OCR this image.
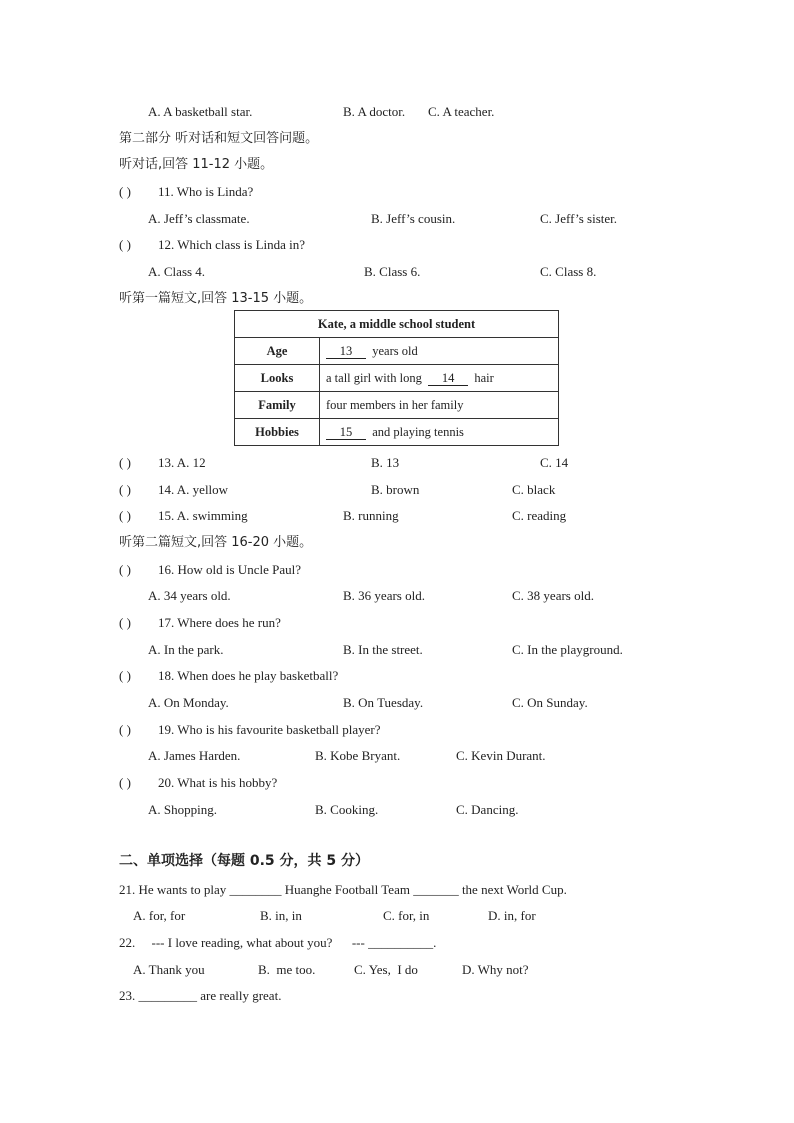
A. A basketball star.	B. A doctor. C. A teacher.
第二部分 听对话和短文回答问题。
听对话,回答 11-12 小题。
( ) 11. Who is Linda?
A. Jeff’s classmate.	B. Jeff’s cousin.	C. Jeff’s sister.
( ) 12. Which class is Linda in?
A. Class 4.	B. Class 6.	C. Class 8.
听第一篇短文,回答 13-15 小题。
Kate, a middle school student	
Age	13 years old
Looks	a tall girl with long 14 hair
Family	four members in her family
Hobbies	15 and playing tennis
( ) 13. A. 12	B. 13	C. 14
( ) 14. A. yellow	B. brown	C. black
( ) 15. A. swimming	B. running	C. reading
听第二篇短文,回答 16-20 小题。
( ) 16. How old is Uncle Paul?
A. 34 years old.	B. 36 years old.	C. 38 years old.
( ) 17. Where does he run?
A. In the park.	B. In the street.	C. In the playground.
( ) 18. When does he play basketball?
A. On Monday.	B. On Tuesday.	C. On Sunday.
( ) 19. Who is his favourite basketball player?
A. James Harden.	B. Kobe Bryant.	C. Kevin Durant.
( ) 20. What is his hobby?
A. Shopping.	B. Cooking.	C. Dancing.
二、单项选择（每题 0.5 分，共 5 分）
21. He wants to play ________ Huanghe Football Team _______ the next World Cup.
A. for, for	B. in, in	C. for, in	D. in, for
22.     --- I love reading, what about you?      --- __________.
A. Thank you	B.  me too.	C. Yes,  I do	D. Why not?
23. _________ are really great.
